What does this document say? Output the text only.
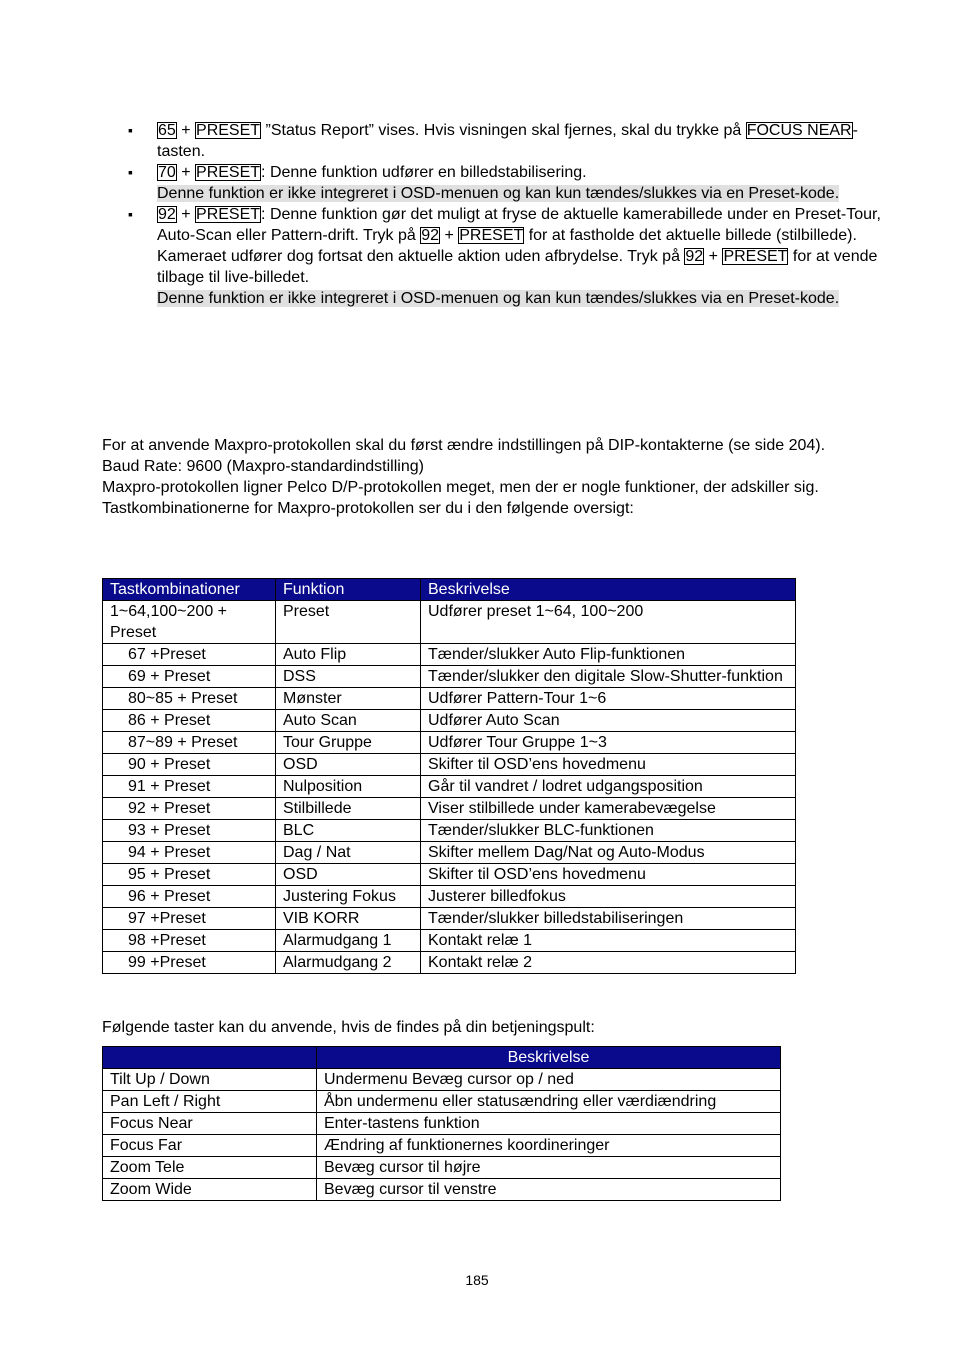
▪ 65 + PRESET ”Status Report” vises. Hvis visningen skal fjernes, skal du trykke på FOCUS NEAR-tasten.
▪ 70 + PRESET: Denne funktion udfører en billedstabilisering.
Denne funktion er ikke integreret i OSD-menuen og kan kun tændes/slukkes via en Preset-kode.
▪ 92 + PRESET: Denne funktion gør det muligt at fryse de aktuelle kamerabillede under en Preset-Tour, Auto-Scan eller Pattern-drift. Tryk på 92 + PRESET for at fastholde det aktuelle billede (stilbillede). Kameraet udfører dog fortsat den aktuelle aktion uden afbrydelse. Tryk på 92 + PRESET for at vende tilbage til live-billedet.
Denne funktion er ikke integreret i OSD-menuen og kan kun tændes/slukkes via en Preset-kode.

For at anvende Maxpro-protokollen skal du først ændre indstillingen på DIP-kontakterne (se side 204).

Baud Rate: 9600 (Maxpro-standardindstilling)

Maxpro-protokollen ligner Pelco D/P-protokollen meget, men der er nogle funktioner, der adskiller sig. Tastkombinationerne for Maxpro-protokollen ser du i den følgende oversigt:

Tastkombinationer	Funktion	Beskrivelse
1~64,100~200 + Preset	Preset	Udfører preset 1~64, 100~200
67 +Preset	Auto Flip	Tænder/slukker Auto Flip-funktionen
69 + Preset	DSS	Tænder/slukker den digitale Slow-Shutter-funktion
80~85 + Preset	Mønster	Udfører Pattern-Tour 1~6
86 + Preset	Auto Scan	Udfører Auto Scan
87~89 + Preset	Tour Gruppe	Udfører Tour Gruppe 1~3
90 + Preset	OSD	Skifter til OSD’ens hovedmenu
91 + Preset	Nulposition	Går til vandret / lodret udgangsposition
92 + Preset	Stilbillede	Viser stilbillede under kamerabevægelse
93 + Preset	BLC	Tænder/slukker BLC-funktionen
94 + Preset	Dag / Nat	Skifter mellem Dag/Nat og Auto-Modus
95 + Preset	OSD	Skifter til OSD’ens hovedmenu
96 + Preset	Justering Fokus	Justerer billedfokus
97 +Preset	VIB KORR	Tænder/slukker billedstabiliseringen
98 +Preset	Alarmudgang 1	Kontakt relæ 1
99 +Preset	Alarmudgang 2	Kontakt relæ 2

Følgende taster kan du anvende, hvis de findes på din betjeningspult:

	Beskrivelse
Tilt Up / Down	Undermenu Bevæg cursor op / ned
Pan Left / Right	Åbn undermenu eller statusændring eller værdiændring
Focus Near	Enter-tastens funktion
Focus Far	Ændring af funktionernes koordineringer
Zoom Tele	Bevæg cursor til højre
Zoom Wide	Bevæg cursor til venstre
185
